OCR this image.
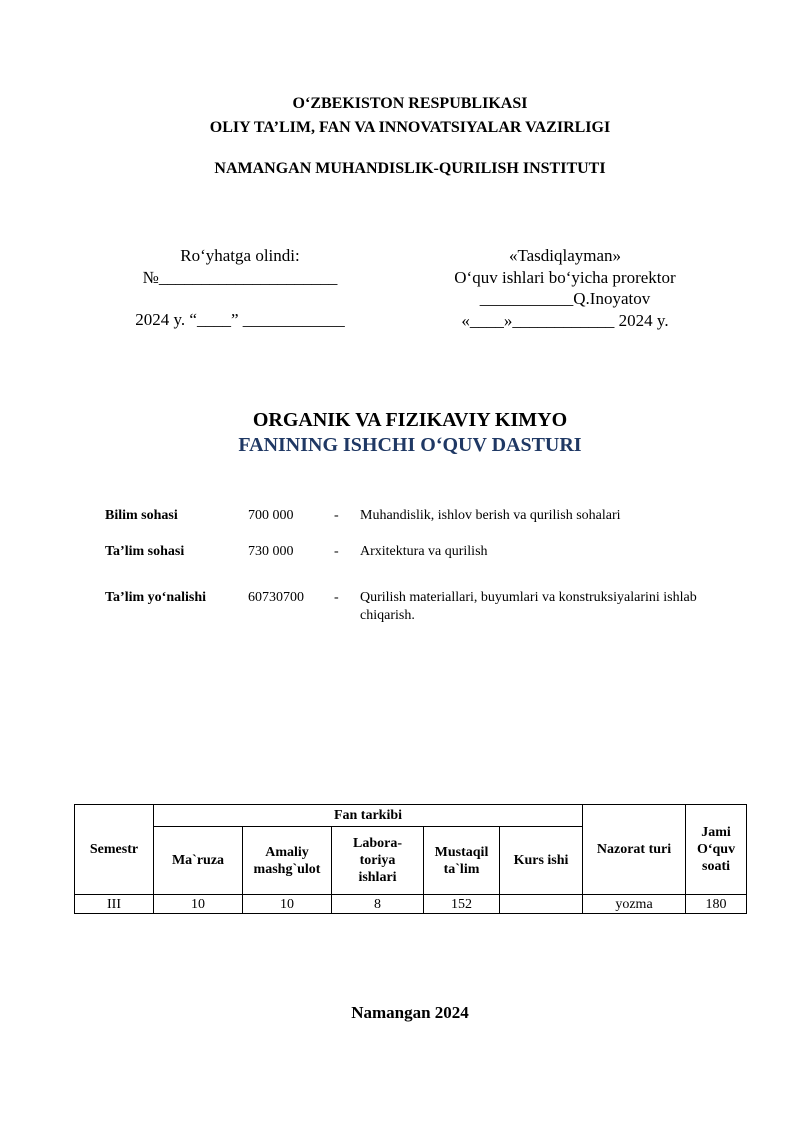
O‘ZBEKISTON RESPUBLIKASI
OLIY TA’LIM, FAN VA INNOVATSIYALAR VAZIRLIGI
NAMANGAN MUHANDISLIK-QURILISH INSTITUTI
Ro‘yhatga olindi:
№_____________________
2024 y. “____” ____________
«Tasdiqlayman»
O‘quv ishlari bo‘yicha prorektor
___________Q.Inoyatov
«____»____________ 2024 y.
ORGANIK VA FIZIKAVIY KIMYO
FANINING ISHCHI O‘QUV DASTURI
Bilim sohasi	700 000	-	Muhandislik, ishlov berish va qurilish sohalari
Ta’lim sohasi	730 000	-	Arxitektura va qurilish
Ta’lim yo‘nalishi	60730700	-	Qurilish materiallari, buyumlari va konstruksiyalarini ishlab chiqarish.
Semestr	Fan tarkibi					Nazorat turi	Jami O‘quv soati
	Ma`ruza	Amaliy mashg`ulot	Labora-toriya ishlari	Mustaqil ta`lim	Kurs ishi		
III	10	10	8	152		yozma	180
Namangan 2024
